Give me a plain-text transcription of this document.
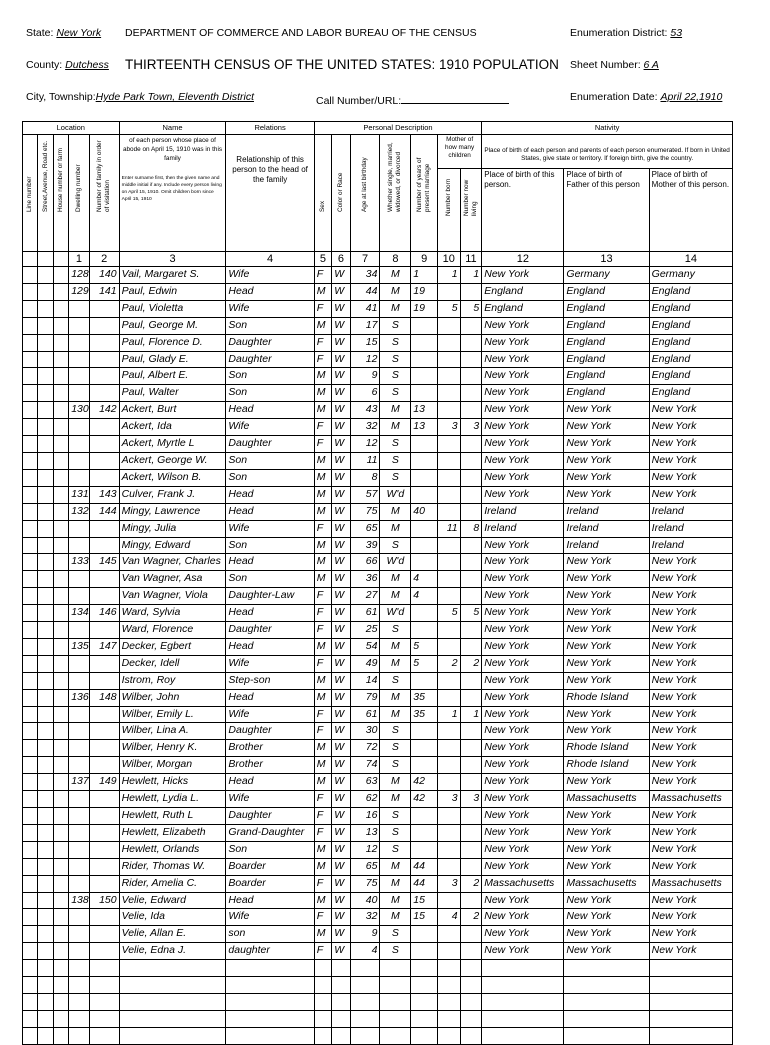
State: New York DEPARTMENT OF COMMERCE AND LABOR BUREAU OF THE CENSUS	Enumeration District: 53
County: Dutchess THIRTEENTH CENSUS OF THE UNITED STATES: 1910 POPULATION Sheet Number: 6 A
City, Township:Hyde Park Town, Eleventh District	Call Number/URL:	Enumeration Date: April 22,1910
Location					Name	Relations	Personal Description							Nativity		

Line number	Street,Avenue, Road etc.	House number or farm	Dwelling number	Number of family in order of visitation	of each person whose place of abode on April 15, 1910 was in this family
Enter surname first, then the given name and middle initial if any. Include every person living on April 15, 1910. Omit children born since April 15, 1910	Relationship of this person to the head of the family	Sex	Color or Race	Age at last birthday	Whether single, married, widowed, or divorced	Number of years of present marriage	Mother of how many children		Place of birth of each person and parents of each person enumerated. If born in United States, give state or territory. If foreign birth, give the country.		

												Number born	Number now living	Place of birth of this person.	Place of birth of Father of this person	Place of birth of Mother of this person.
			1	2	3	4	5	6	7	8	9	10	11	12	13	14
			128	140	Vail, Margaret S.	Wife	F	W	34	M	1	1	1	New York	Germany	Germany
			129	141	Paul, Edwin	Head	M	W	44	M	19			England	England	England
					Paul, Violetta	Wife	F	W	41	M	19	5	5	England	England	England
					Paul, George M.	Son	M	W	17	S				New York	England	England
					Paul, Florence D.	Daughter	F	W	15	S				New York	England	England
					Paul, Glady E.	Daughter	F	W	12	S				New York	England	England
					Paul, Albert E.	Son	M	W	9	S				New York	England	England
					Paul, Walter	Son	M	W	6	S				New York	England	England
			130	142	Ackert, Burt	Head	M	W	43	M	13			New York	New York	New York
					Ackert, Ida	Wife	F	W	32	M	13	3	3	New York	New York	New York
					Ackert, Myrtle L	Daughter	F	W	12	S				New York	New York	New York
					Ackert, George W.	Son	M	W	11	S				New York	New York	New York
					Ackert, Wilson B.	Son	M	W	8	S				New York	New York	New York
			131	143	Culver, Frank J.	Head	M	W	57	W'd				New York	New York	New York
			132	144	Mingy, Lawrence	Head	M	W	75	M	40			Ireland	Ireland	Ireland
					Mingy, Julia	Wife	F	W	65	M		11	8	Ireland	Ireland	Ireland
					Mingy, Edward	Son	M	W	39	S				New York	Ireland	Ireland
			133	145	Van Wagner, Charles	Head	M	W	66	W'd				New York	New York	New York
					Van Wagner, Asa	Son	M	W	36	M	4			New York	New York	New York
					Van Wagner, Viola	Daughter-Law	F	W	27	M	4			New York	New York	New York
			134	146	Ward, Sylvia	Head	F	W	61	W'd		5	5	New York	New York	New York
					Ward, Florence	Daughter	F	W	25	S				New York	New York	New York
			135	147	Decker, Egbert	Head	M	W	54	M	5			New York	New York	New York
					Decker, Idell	Wife	F	W	49	M	5	2	2	New York	New York	New York
					Istrom, Roy	Step-son	M	W	14	S				New York	New York	New York
			136	148	Wilber, John	Head	M	W	79	M	35			New York	Rhode Island	New York
					Wilber, Emily L.	Wife	F	W	61	M	35	1	1	New York	New York	New York
					Wilber, Lina A.	Daughter	F	W	30	S				New York	New York	New York
					Wilber, Henry K.	Brother	M	W	72	S				New York	Rhode Island	New York
					Wilber, Morgan	Brother	M	W	74	S				New York	Rhode Island	New York
			137	149	Hewlett, Hicks	Head	M	W	63	M	42			New York	New York	New York
					Hewlett, Lydia L.	Wife	F	W	62	M	42	3	3	New York	Massachusetts	Massachusetts
					Hewlett, Ruth L	Daughter	F	W	16	S				New York	New York	New York
					Hewlett, Elizabeth	Grand-Daughter	F	W	13	S				New York	New York	New York
					Hewlett, Orlands	Son	M	W	12	S				New York	New York	New York
					Rider, Thomas W.	Boarder	M	W	65	M	44			New York	New York	New York
					Rider, Amelia C.	Boarder	F	W	75	M	44	3	2	Massachusetts	Massachusetts	Massachusetts
			138	150	Velie, Edward	Head	M	W	40	M	15			New York	New York	New York
					Velie, Ida	Wife	F	W	32	M	15	4	2	New York	New York	New York
					Velie, Allan E.	son	M	W	9	S				New York	New York	New York
					Velie, Edna J.	daughter	F	W	4	S				New York	New York	New York
